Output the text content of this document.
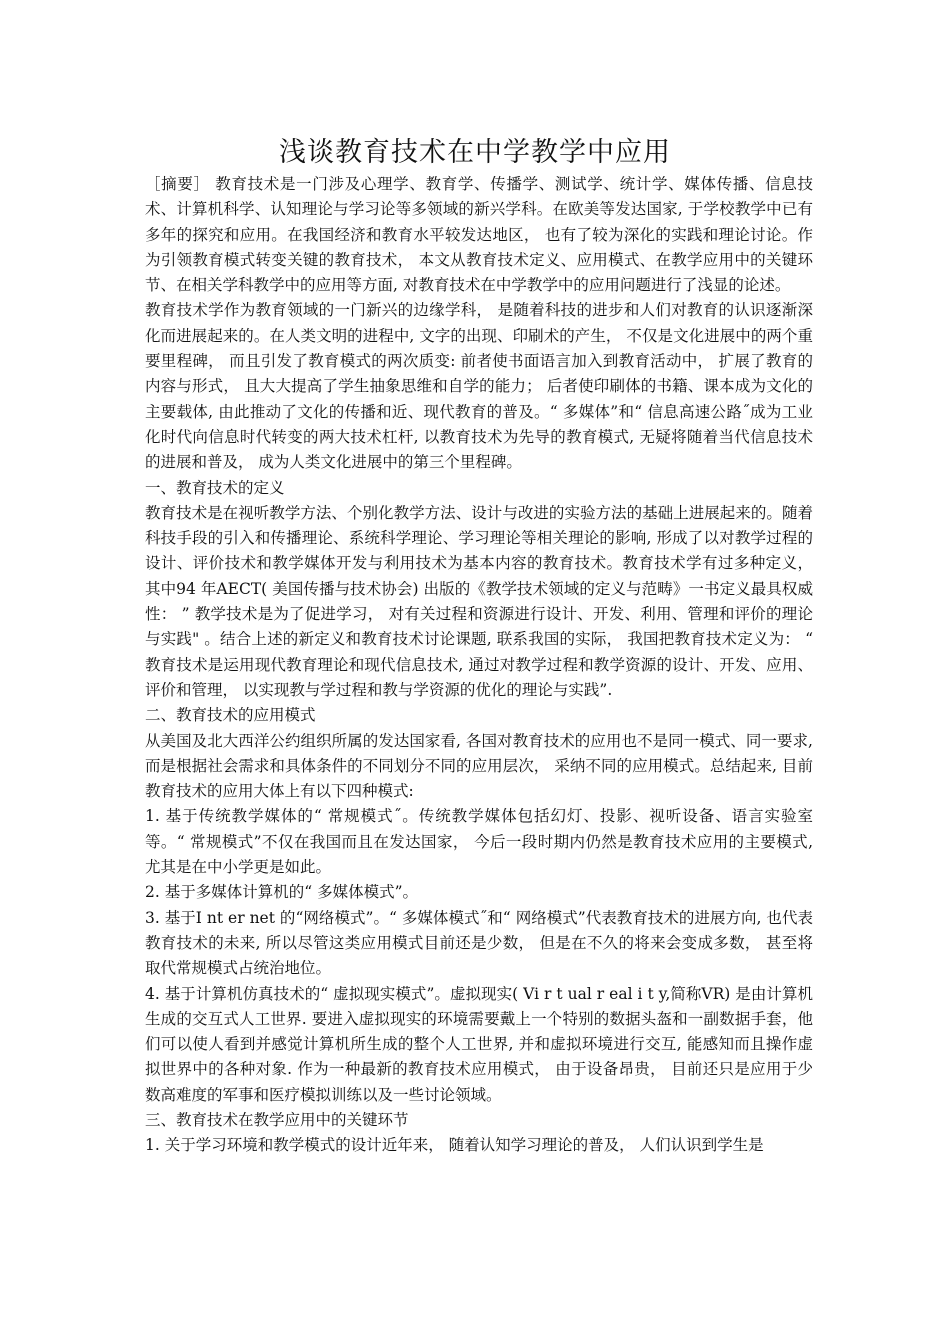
浅谈教育技术在中学教学中应用

［摘要］ 教育技术是一门涉及心理学、教育学、传播学、测试学、统计学、媒体传播、信息技术、计算机科学、认知理论与学习论等多领域的新兴学科。在欧美等发达国家, 于学校教学中已有多年的探究和应用。在我国经济和教育水平较发达地区， 也有了较为深化的实践和理论讨论。作为引领教育模式转变关键的教育技术， 本文从教育技术定义、应用模式、在教学应用中的关键环节、在相关学科教学中的应用等方面, 对教育技术在中学教学中的应用问题进行了浅显的论述。

教育技术学作为教育领域的一门新兴的边缘学科， 是随着科技的进步和人们对教育的认识逐渐深化而进展起来的。在人类文明的进程中, 文字的出现、印刷术的产生， 不仅是文化进展中的两个重要里程碑， 而且引发了教育模式的两次质变: 前者使书面语言加入到教育活动中， 扩展了教育的内容与形式， 且大大提高了学生抽象思维和自学的能力； 后者使印刷体的书籍、课本成为文化的主要载体, 由此推动了文化的传播和近、现代教育的普及。“ 多媒体”和“ 信息高速公路˝成为工业化时代向信息时代转变的两大技术杠杆, 以教育技术为先导的教育模式, 无疑将随着当代信息技术的进展和普及， 成为人类文化进展中的第三个里程碑。

一、教育技术的定义

教育技术是在视听教学方法、个别化教学方法、设计与改进的实验方法的基础上进展起来的。随着科技手段的引入和传播理论、系统科学理论、学习理论等相关理论的影响, 形成了以对教学过程的设计、评价技术和教学媒体开发与利用技术为基本内容的教育技术。教育技术学有过多种定义， 其中94 年AECT( 美国传播与技术协会) 出版的《教学技术领域的定义与范畴》一书定义最具权威性： ” 教学技术是为了促进学习， 对有关过程和资源进行设计、开发、利用、管理和评价的理论与实践" 。结合上述的新定义和教育技术讨论课题, 联系我国的实际， 我国把教育技术定义为： “ 教育技术是运用现代教育理论和现代信息技术, 通过对教学过程和教学资源的设计、开发、应用、评价和管理， 以实现教与学过程和教与学资源的优化的理论与实践”.

二、教育技术的应用模式

从美国及北大西洋公约组织所属的发达国家看, 各国对教育技术的应用也不是同一模式、同一要求, 而是根据社会需求和具体条件的不同划分不同的应用层次， 采纳不同的应用模式。总结起来, 目前教育技术的应用大体上有以下四种模式:

1. 基于传统教学媒体的“ 常规模式˝。传统教学媒体包括幻灯、投影、视听设备、语言实验室等。“ 常规模式”不仅在我国而且在发达国家， 今后一段时期内仍然是教育技术应用的主要模式, 尤其是在中小学更是如此。

2. 基于多媒体计算机的“ 多媒体模式”。

3. 基于I nt er net 的“网络模式”。“ 多媒体模式˝和“ 网络模式”代表教育技术的进展方向, 也代表教育技术的未来, 所以尽管这类应用模式目前还是少数， 但是在不久的将来会变成多数， 甚至将取代常规模式占统治地位。

4. 基于计算机仿真技术的“ 虚拟现实模式”。虚拟现实( Vi r t ual r eal i t y,简称VR) 是由计算机生成的交互式人工世界. 要进入虚拟现实的环境需要戴上一个特别的数据头盔和一副数据手套，他们可以使人看到并感觉计算机所生成的整个人工世界, 并和虚拟环境进行交互, 能感知而且操作虚拟世界中的各种对象. 作为一种最新的教育技术应用模式， 由于设备昂贵， 目前还只是应用于少数高难度的军事和医疗模拟训练以及一些讨论领域。

三、教育技术在教学应用中的关键环节

1. 关于学习环境和教学模式的设计近年来， 随着认知学习理论的普及， 人们认识到学生是
